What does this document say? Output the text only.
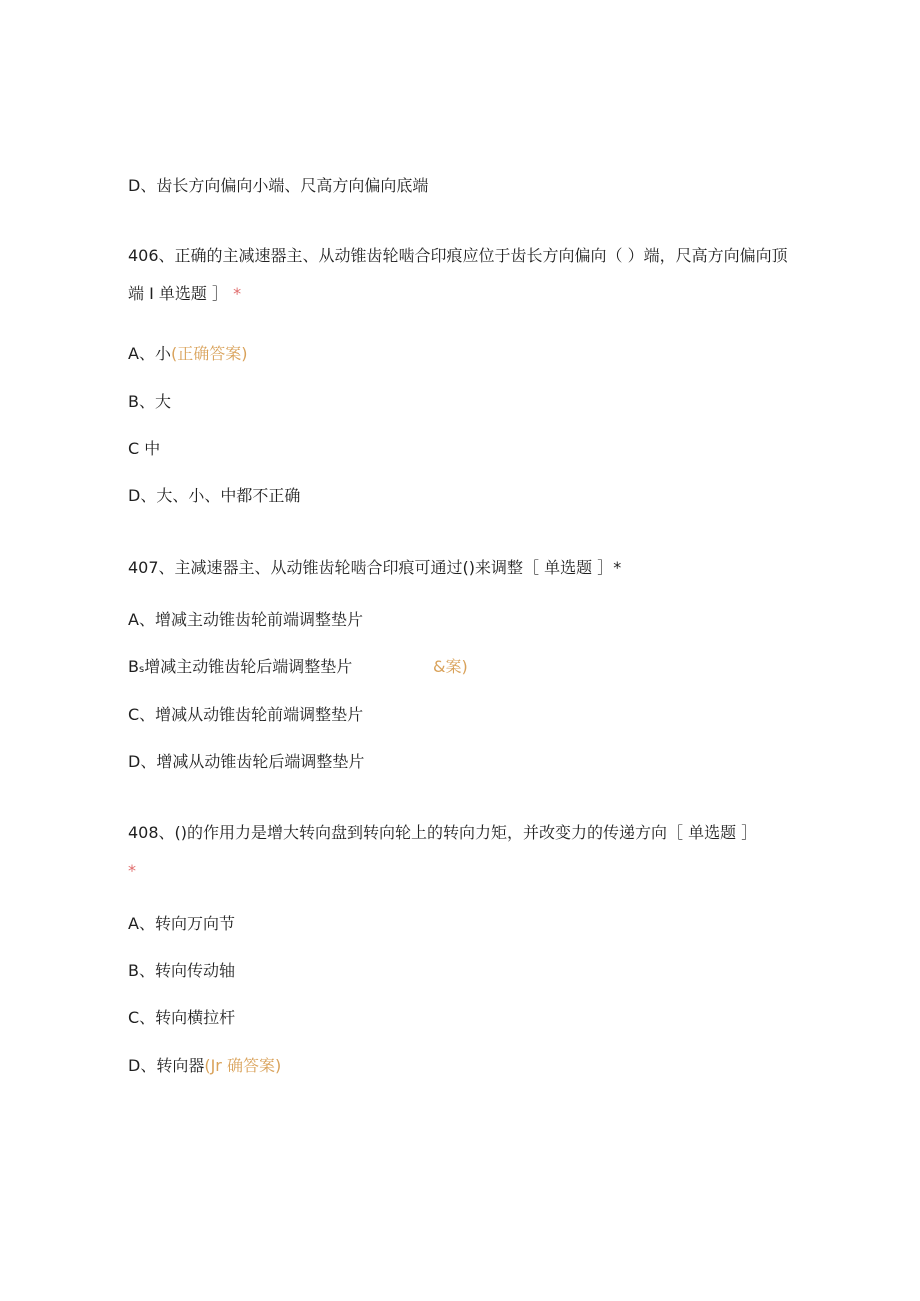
D、齿长方向偏向小端、尺高方向偏向底端
406、正确的主减速器主、从动锥齿轮啮合印痕应位于齿长方向偏向（ ）端，尺高方向偏向顶端 I 单选题 ］ *
A、小(正确答案)
B、大
C 中
D、大、小、中都不正确
407、主减速器主、从动锥齿轮啮合印痕可通过()来调整［ 单选题 ］*
A、增减主动锥齿轮前端调整垫片
Bs增减主动锥齿轮后端调整垫片	&案)
C、增减从动锥齿轮前端调整垫片
D、增减从动锥齿轮后端调整垫片
408、()的作用力是增大转向盘到转向轮上的转向力矩，并改变力的传递方向［ 单选题 ］
*
A、转向万向节
B、转向传动轴
C、转向横拉杆
D、转向器(Jr 确答案)
